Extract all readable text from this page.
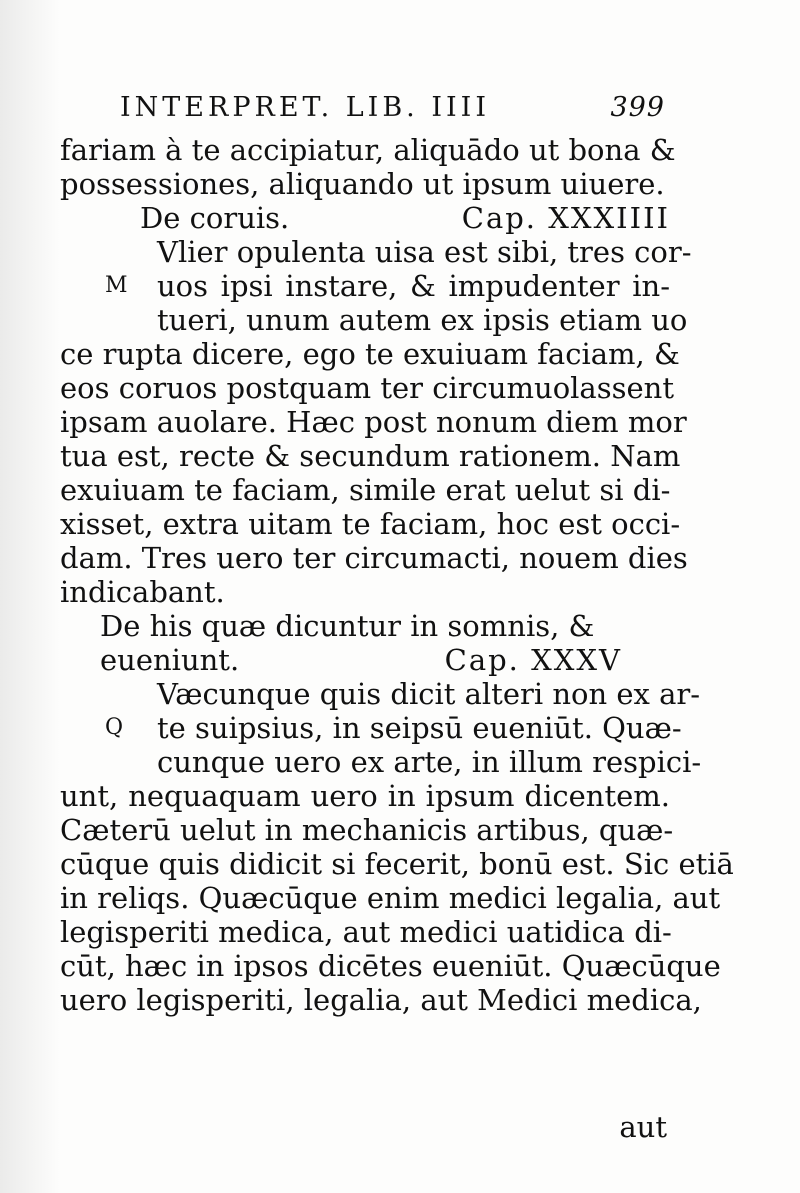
INTERPRET. LIB. IIII	399
fariam à te accipiatur, aliquādo ut bona &
possessiones, aliquando ut ipsum uiuere.
De coruis.	Cap. XXXIIII
M
Vlier opulenta uisa est sibi, tres cor-
uos ipsi instare, & impudenter in-
tueri, unum autem ex ipsis etiam uo
ce rupta dicere, ego te exuiuam faciam, &
eos coruos postquam ter circumuolassent
ipsam auolare. Hæc post nonum diem mor
tua est, recte & secundum rationem. Nam
exuiuam te faciam, simile erat uelut si di-
xisset, extra uitam te faciam, hoc est occi-
dam. Tres uero ter circumacti, nouem dies
indicabant.
De his quæ dicuntur in somnis, &
eueniunt.	Cap. XXXV
Q
Væcunque quis dicit alteri non ex ar-
te suipsius, in seipsū eueniūt. Quæ-
cunque uero ex arte, in illum respici-
unt, nequaquam uero in ipsum dicentem.
Cæterū uelut in mechanicis artibus, quæ-
cūque quis didicit si fecerit, bonū est. Sic etiā
in reliqs. Quæcūque enim medici legalia, aut
legisperiti medica, aut medici uatidica di-
cūt, hæc in ipsos dicētes eueniūt. Quæcūque
uero legisperiti, legalia, aut Medici medica,
aut
